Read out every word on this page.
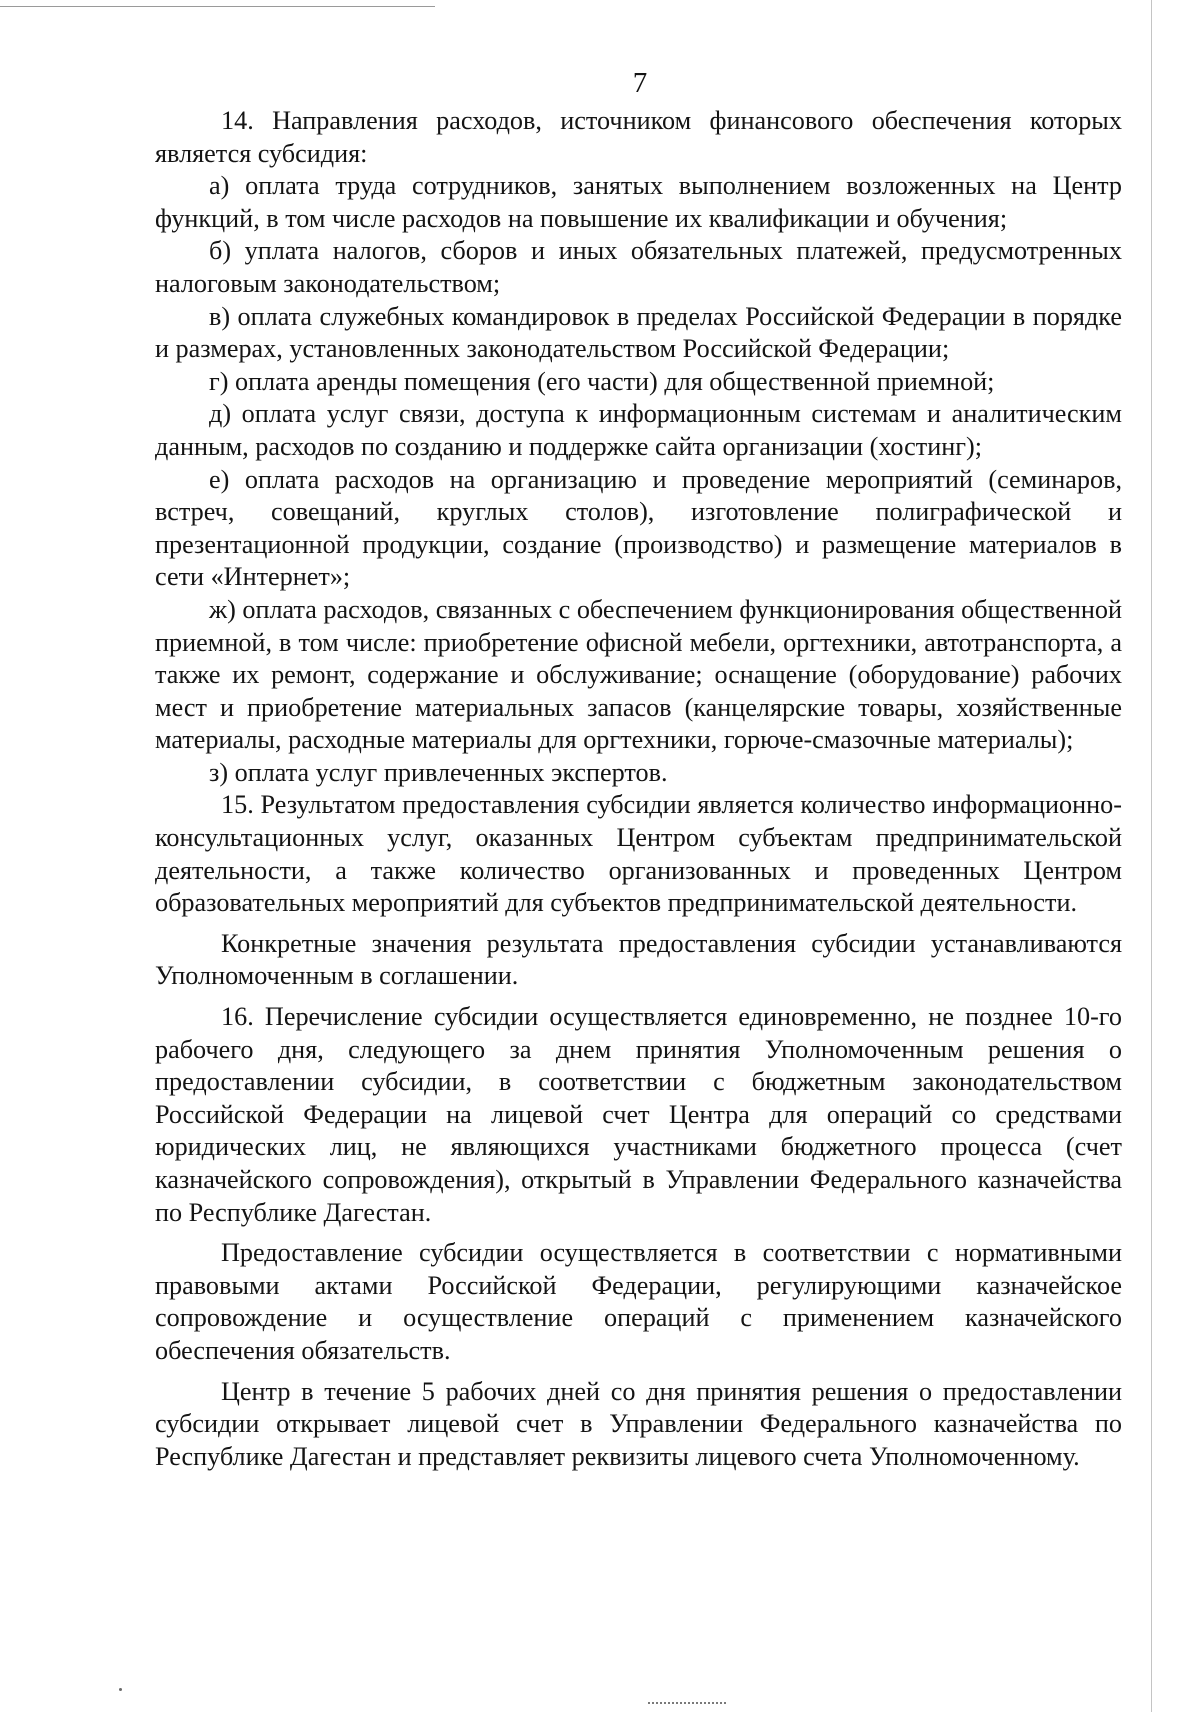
7

14. Направления расходов, источником финансового обеспечения которых является субсидия:

а) оплата труда сотрудников, занятых выполнением возложенных на Центр функций, в том числе расходов на повышение их квалификации и обучения;

б) уплата налогов, сборов и иных обязательных платежей, предусмотренных налоговым законодательством;

в) оплата служебных командировок в пределах Российской Федерации в порядке и размерах, установленных законодательством Российской Федерации;

г) оплата аренды помещения (его части) для общественной приемной;

д) оплата услуг связи, доступа к информационным системам и аналитическим данным, расходов по созданию и поддержке сайта организации (хостинг);

е) оплата расходов на организацию и проведение мероприятий (семинаров, встреч, совещаний, круглых столов), изготовление полиграфической и презентационной продукции, создание (производство) и размещение материалов в сети «Интернет»;

ж) оплата расходов, связанных с обеспечением функционирования общественной приемной, в том числе: приобретение офисной мебели, оргтехники, автотранспорта, а также их ремонт, содержание и обслуживание; оснащение (оборудование) рабочих мест и приобретение материальных запасов (канцелярские товары, хозяйственные материалы, расходные материалы для оргтехники, горюче-смазочные материалы);

з) оплата услуг привлеченных экспертов.

15. Результатом предоставления субсидии является количество информационно-консультационных услуг, оказанных Центром субъектам предпринимательской деятельности, а также количество организованных и проведенных Центром образовательных мероприятий для субъектов предпринимательской деятельности.

Конкретные значения результата предоставления субсидии устанавливаются Уполномоченным в соглашении.

16. Перечисление субсидии осуществляется единовременно, не позднее 10-го рабочего дня, следующего за днем принятия Уполномоченным решения о предоставлении субсидии, в соответствии с бюджетным законодательством Российской Федерации на лицевой счет Центра для операций со средствами юридических лиц, не являющихся участниками бюджетного процесса (счет казначейского сопровождения), открытый в Управлении Федерального казначейства по Республике Дагестан.

Предоставление субсидии осуществляется в соответствии с нормативными правовыми актами Российской Федерации, регулирующими казначейское сопровождение и осуществление операций с применением казначейского обеспечения обязательств.

Центр в течение 5 рабочих дней со дня принятия решения о предоставлении субсидии открывает лицевой счет в Управлении Федерального казначейства по Республике Дагестан и представляет реквизиты лицевого счета Уполномоченному.
